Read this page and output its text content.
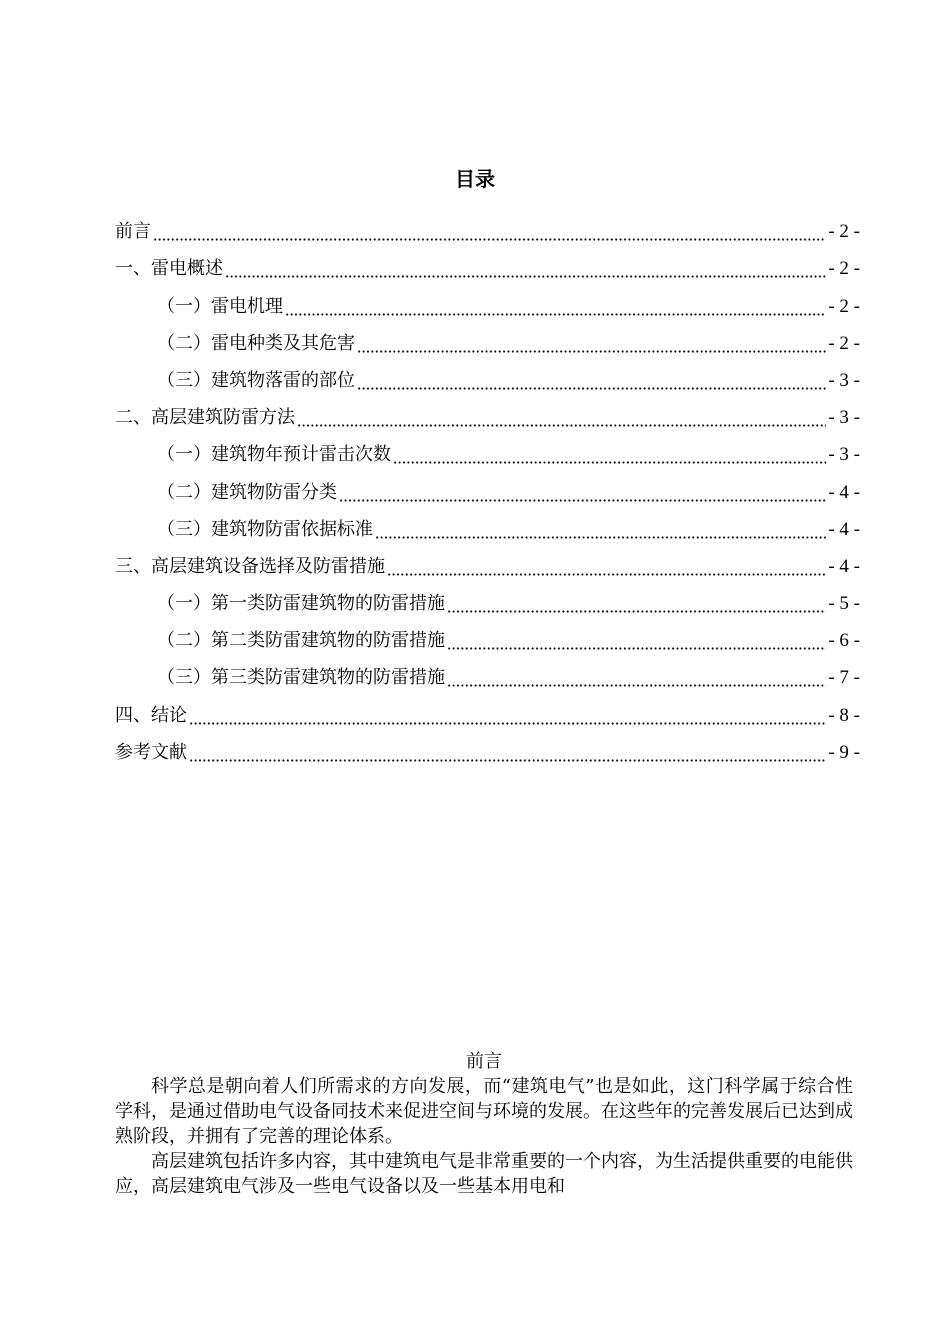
目录
前言	- 2 -
一、雷电概述	- 2 -
（一）雷电机理	- 2 -
（二）雷电种类及其危害	- 2 -
（三）建筑物落雷的部位	- 3 -
二、高层建筑防雷方法	- 3 -
（一）建筑物年预计雷击次数	- 3 -
（二）建筑物防雷分类	- 4 -
（三）建筑物防雷依据标准	- 4 -
三、高层建筑设备选择及防雷措施	- 4 -
（一）第一类防雷建筑物的防雷措施	- 5 -
（二）第二类防雷建筑物的防雷措施	- 6 -
（三）第三类防雷建筑物的防雷措施	- 7 -
四、结论	- 8 -
参考文献	- 9 -

前言

科学总是朝向着人们所需求的方向发展，而“建筑电气”也是如此，这门科学属于综合性学科，是通过借助电气设备同技术来促进空间与环境的发展。在这些年的完善发展后已达到成熟阶段，并拥有了完善的理论体系。

高层建筑包括许多内容，其中建筑电气是非常重要的一个内容，为生活提供重要的电能供应，高层建筑电气涉及一些电气设备以及一些基本用电和
